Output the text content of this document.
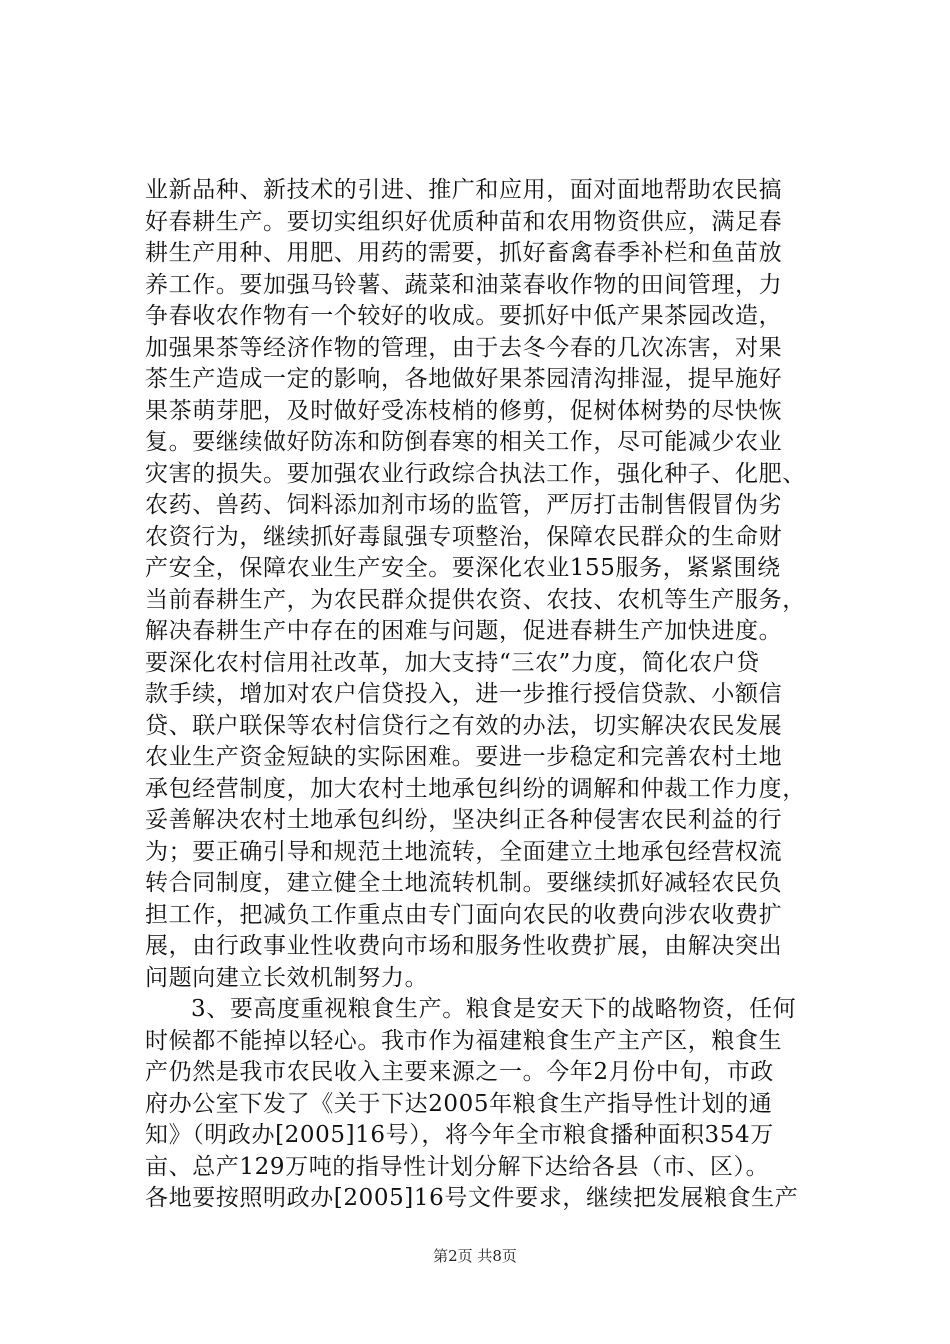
业新品种、新技术的引进、推广和应用，面对面地帮助农民搞
好春耕生产。要切实组织好优质种苗和农用物资供应，满足春
耕生产用种、用肥、用药的需要，抓好畜禽春季补栏和鱼苗放
养工作。要加强马铃薯、蔬菜和油菜春收作物的田间管理，力
争春收农作物有一个较好的收成。要抓好中低产果茶园改造，
加强果茶等经济作物的管理，由于去冬今春的几次冻害，对果
茶生产造成一定的影响，各地做好果茶园清沟排湿，提早施好
果茶萌芽肥，及时做好受冻枝梢的修剪，促树体树势的尽快恢
复。要继续做好防冻和防倒春寒的相关工作，尽可能减少农业
灾害的损失。要加强农业行政综合执法工作，强化种子、化肥、
农药、兽药、饲料添加剂市场的监管，严厉打击制售假冒伪劣
农资行为，继续抓好毒鼠强专项整治，保障农民群众的生命财
产安全，保障农业生产安全。要深化农业155服务，紧紧围绕
当前春耕生产，为农民群众提供农资、农技、农机等生产服务，
解决春耕生产中存在的困难与问题，促进春耕生产加快进度。
要深化农村信用社改革，加大支持“三农”力度，简化农户贷
款手续，增加对农户信贷投入，进一步推行授信贷款、小额信
贷、联户联保等农村信贷行之有效的办法，切实解决农民发展
农业生产资金短缺的实际困难。要进一步稳定和完善农村土地
承包经营制度，加大农村土地承包纠纷的调解和仲裁工作力度，
妥善解决农村土地承包纠纷，坚决纠正各种侵害农民利益的行
为；要正确引导和规范土地流转，全面建立土地承包经营权流
转合同制度，建立健全土地流转机制。要继续抓好减轻农民负
担工作，把减负工作重点由专门面向农民的收费向涉农收费扩
展，由行政事业性收费向市场和服务性收费扩展，由解决突出
问题向建立长效机制努力。
3、要高度重视粮食生产。粮食是安天下的战略物资，任何
时候都不能掉以轻心。我市作为福建粮食生产主产区，粮食生
产仍然是我市农民收入主要来源之一。今年2月份中旬，市政
府办公室下发了《关于下达2005年粮食生产指导性计划的通
知》（明政办[2005]16号），将今年全市粮食播种面积354万
亩、总产129万吨的指导性计划分解下达给各县（市、区）。
各地要按照明政办[2005]16号文件要求，继续把发展粮食生产
第2页 共8页
